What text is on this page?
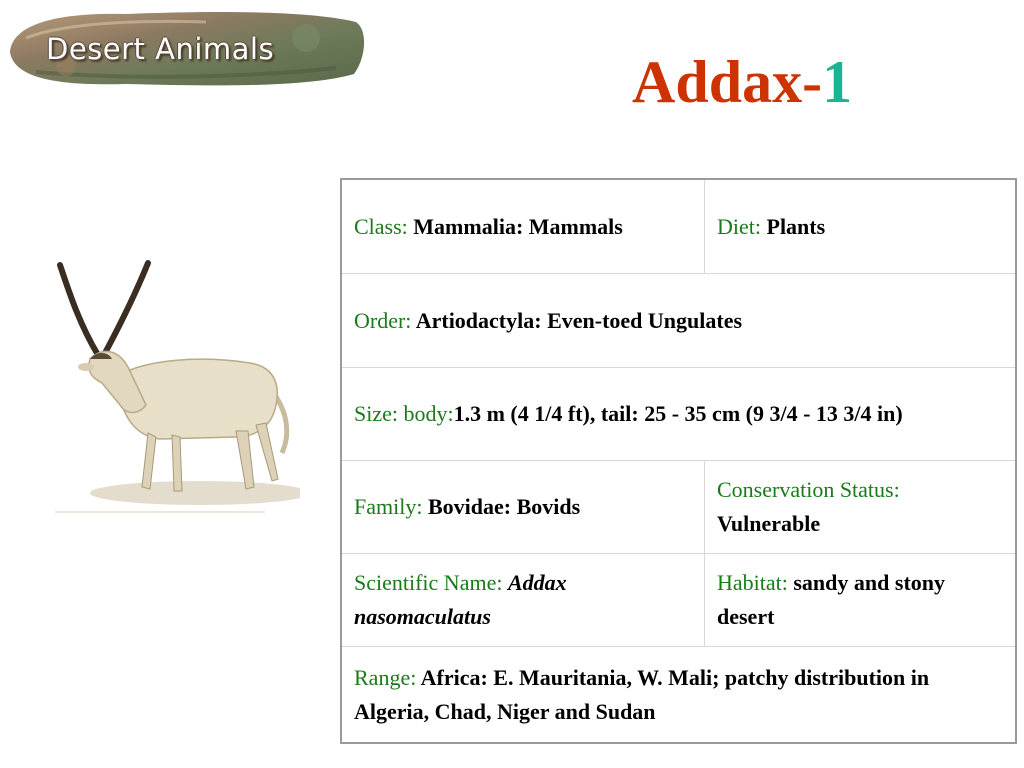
Desert Animals	Addax-1
Class: Mammalia: Mammals	Diet: Plants
Order: Artiodactyla: Even-toed Ungulates
Size: body:1.3 m (4 1/4 ft), tail: 25 - 35 cm (9 3/4 - 13 3/4 in)
Family: Bovidae: Bovids
Conservation Status:
Vulnerable
Scientific Name: Addax nasomaculatus
Habitat: sandy and stony desert
Range: Africa: E. Mauritania, W. Mali; patchy distribution in Algeria, Chad, Niger and Sudan
